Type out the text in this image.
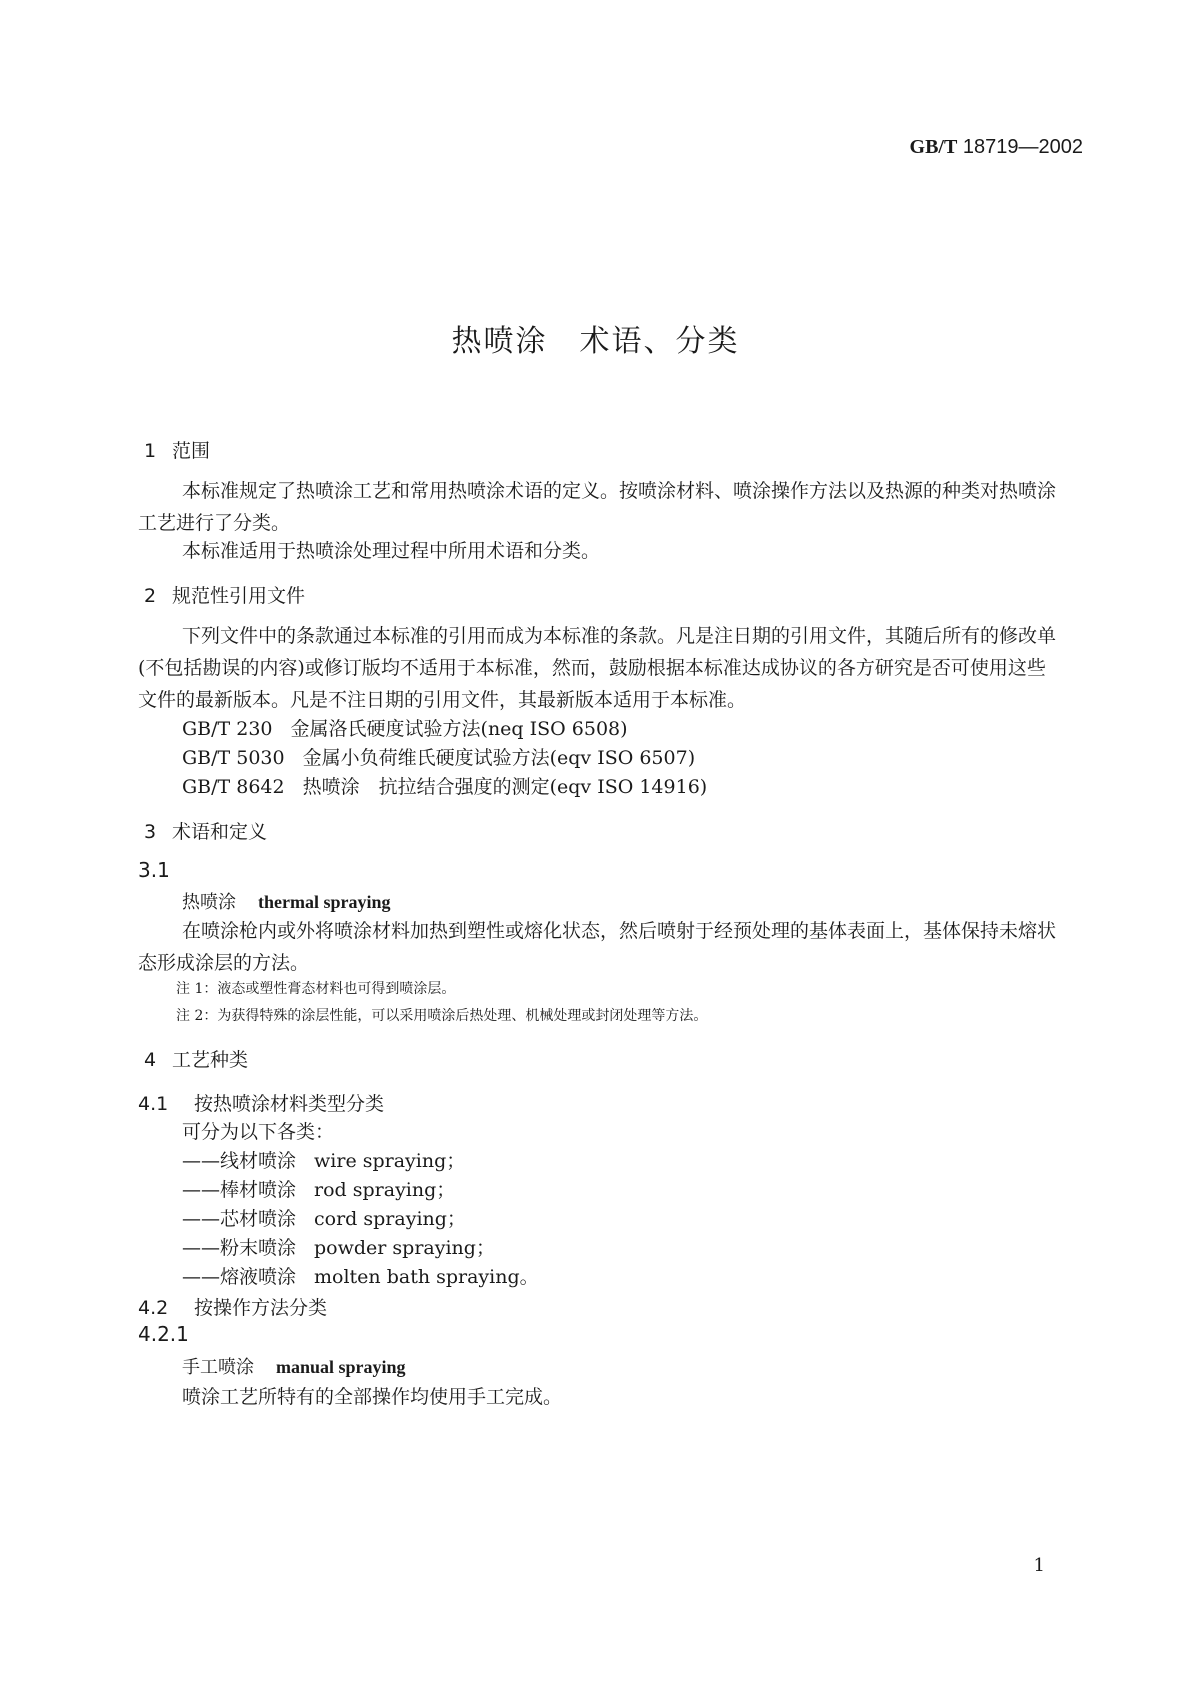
GB/T 18719—2002
热喷涂　术语、分类
1 范围
本标准规定了热喷涂工艺和常用热喷涂术语的定义。按喷涂材料、喷涂操作方法以及热源的种类对热喷涂工艺进行了分类。
本标准适用于热喷涂处理过程中所用术语和分类。
2 规范性引用文件
下列文件中的条款通过本标准的引用而成为本标准的条款。凡是注日期的引用文件，其随后所有的修改单(不包括勘误的内容)或修订版均不适用于本标准，然而，鼓励根据本标准达成协议的各方研究是否可使用这些文件的最新版本。凡是不注日期的引用文件，其最新版本适用于本标准。
GB/T 230 金属洛氏硬度试验方法(neq ISO 6508)
GB/T 5030 金属小负荷维氏硬度试验方法(eqv ISO 6507)
GB/T 8642 热喷涂　抗拉结合强度的测定(eqv ISO 14916)
3 术语和定义
3.1
热喷涂 thermal spraying
在喷涂枪内或外将喷涂材料加热到塑性或熔化状态，然后喷射于经预处理的基体表面上，基体保持未熔状态形成涂层的方法。
注 1：液态或塑性膏态材料也可得到喷涂层。
注 2：为获得特殊的涂层性能，可以采用喷涂后热处理、机械处理或封闭处理等方法。
4 工艺种类
4.1 按热喷涂材料类型分类
可分为以下各类：
——线材喷涂 wire spraying；
——棒材喷涂 rod spraying；
——芯材喷涂 cord spraying；
——粉末喷涂 powder spraying；
——熔液喷涂 molten bath spraying。
4.2 按操作方法分类
4.2.1
手工喷涂 manual spraying
喷涂工艺所特有的全部操作均使用手工完成。
1
